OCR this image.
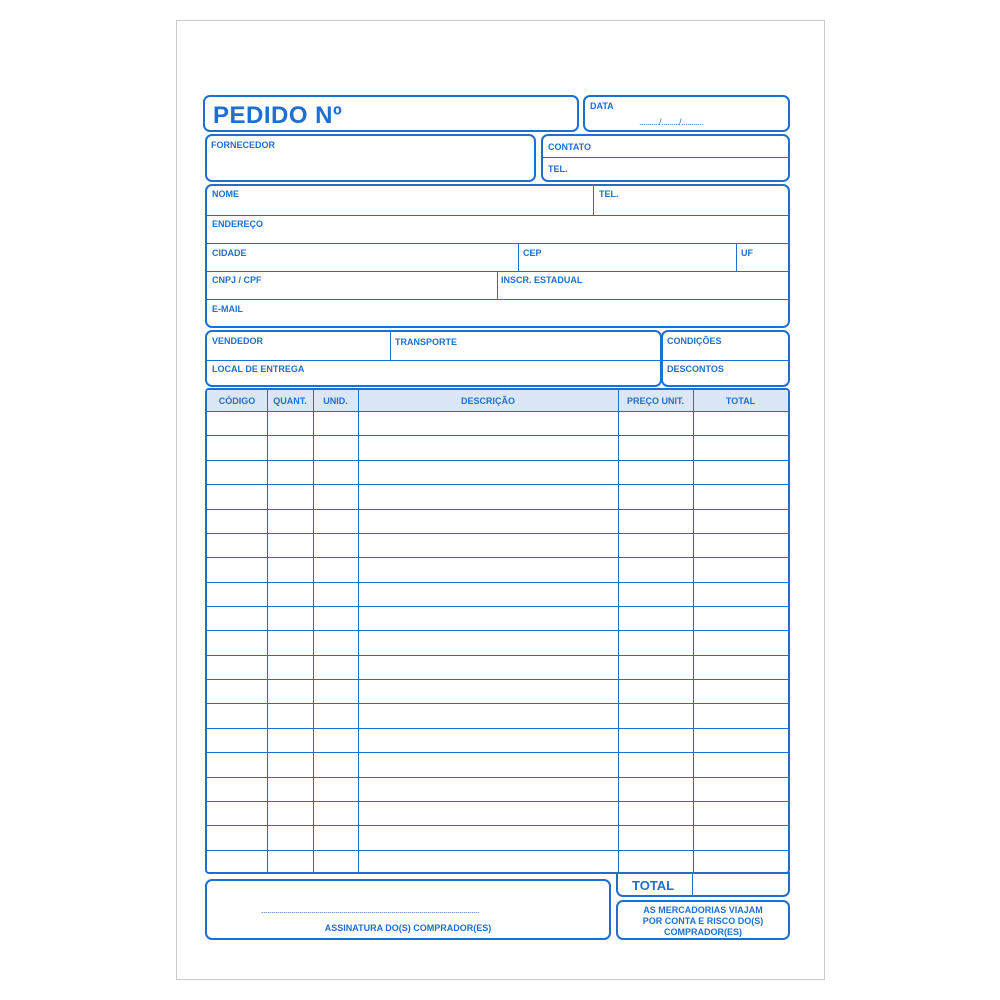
PEDIDO Nº	DATA
........../........./...........
FORNECEDOR	CONTATO
TEL.
NOME	TEL.
ENDEREÇO
CIDADE	CEP	UF
CNPJ / CPF	INSCR. ESTADUAL
E-MAIL
VENDEDOR	TRANSPORTE
LOCAL DE ENTREGA
CONDIÇÕES
DESCONTOS
CÓDIGO	QUANT.	UNID.	DESCRIÇÃO	PREÇO UNIT.	TOTAL
.............................................................................................................
ASSINATURA DO(S) COMPRADOR(ES)
TOTAL
AS MERCADORIAS VIAJAM
POR CONTA E RISCO DO(S)
COMPRADOR(ES)
